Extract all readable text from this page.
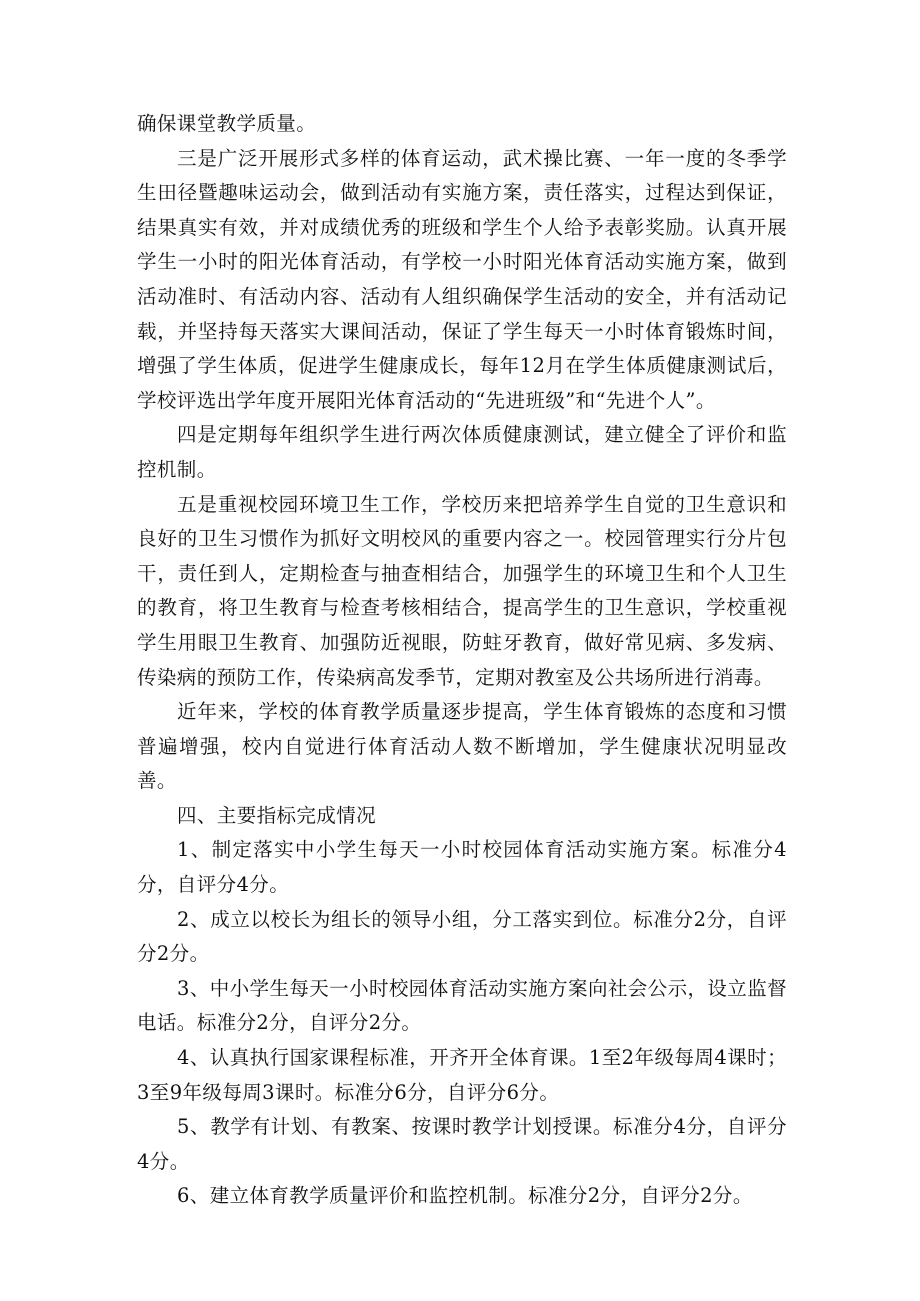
确保课堂教学质量。

三是广泛开展形式多样的体育运动，武术操比赛、一年一度的冬季学生田径暨趣味运动会，做到活动有实施方案，责任落实，过程达到保证，结果真实有效，并对成绩优秀的班级和学生个人给予表彰奖励。认真开展学生一小时的阳光体育活动，有学校一小时阳光体育活动实施方案，做到活动准时、有活动内容、活动有人组织确保学生活动的安全，并有活动记载，并坚持每天落实大课间活动，保证了学生每天一小时体育锻炼时间，增强了学生体质，促进学生健康成长，每年12月在学生体质健康测试后，学校评选出学年度开展阳光体育活动的“先进班级”和“先进个人”。

四是定期每年组织学生进行两次体质健康测试，建立健全了评价和监控机制。

五是重视校园环境卫生工作，学校历来把培养学生自觉的卫生意识和良好的卫生习惯作为抓好文明校风的重要内容之一。校园管理实行分片包干，责任到人，定期检查与抽查相结合，加强学生的环境卫生和个人卫生的教育，将卫生教育与检查考核相结合，提高学生的卫生意识，学校重视学生用眼卫生教育、加强防近视眼，防蛀牙教育，做好常见病、多发病、传染病的预防工作，传染病高发季节，定期对教室及公共场所进行消毒。

近年来，学校的体育教学质量逐步提高，学生体育锻炼的态度和习惯普遍增强，校内自觉进行体育活动人数不断增加，学生健康状况明显改善。

四、主要指标完成情况

1、制定落实中小学生每天一小时校园体育活动实施方案。标准分4分，自评分4分。

2、成立以校长为组长的领导小组，分工落实到位。标准分2分，自评分2分。

3、中小学生每天一小时校园体育活动实施方案向社会公示，设立监督电话。标准分2分，自评分2分。

4、认真执行国家课程标准，开齐开全体育课。1至2年级每周4课时；3至9年级每周3课时。标准分6分，自评分6分。

5、教学有计划、有教案、按课时教学计划授课。标准分4分，自评分4分。

6、建立体育教学质量评价和监控机制。标准分2分，自评分2分。
